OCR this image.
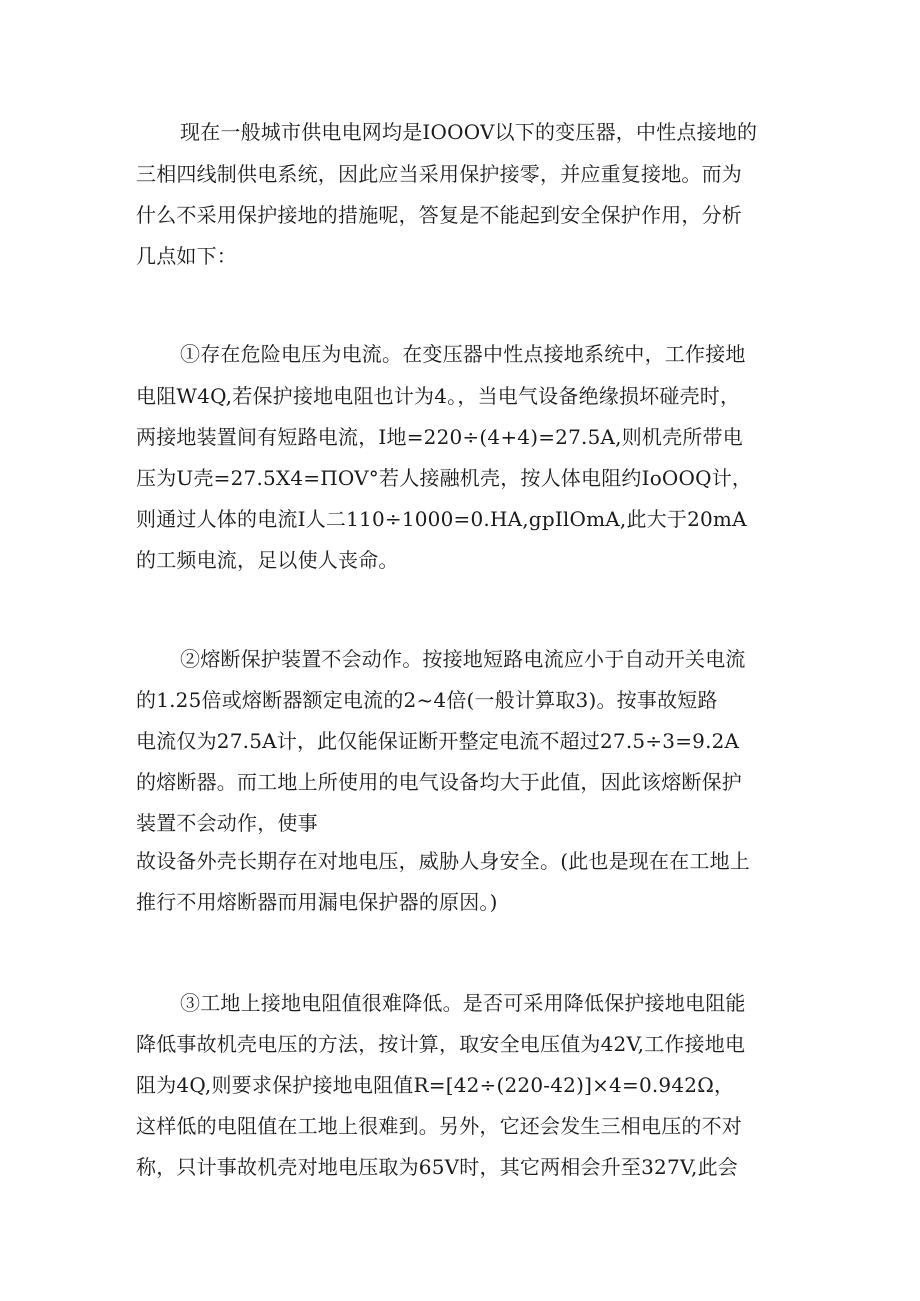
现在一般城市供电电网均是IOOOV以下的变压器，中性点接地的
三相四线制供电系统，因此应当采用保护接零，并应重复接地。而为
什么不采用保护接地的措施呢，答复是不能起到安全保护作用，分析
几点如下：
①存在危险电压为电流。在变压器中性点接地系统中，工作接地
电阻W4Q,若保护接地电阻也计为4。，当电气设备绝缘损坏碰壳时，
两接地装置间有短路电流，I地=220÷(4+4)=27.5A,则机壳所带电
压为U壳=27.5X4=ΠOV°若人接融机壳，按人体电阻约IoOOQ计，
则通过人体的电流I人二110÷1000=0.HA,gpIlOmA,此大于20mA
的工频电流，足以使人丧命。
②熔断保护装置不会动作。按接地短路电流应小于自动开关电流
的1.25倍或熔断器额定电流的2~4倍(一般计算取3)。按事故短路
电流仅为27.5A计，此仅能保证断开整定电流不超过27.5÷3=9.2A
的熔断器。而工地上所使用的电气设备均大于此值，因此该熔断保护
装置不会动作，使事
故设备外壳长期存在对地电压，威胁人身安全。(此也是现在在工地上
推行不用熔断器而用漏电保护器的原因。)
③工地上接地电阻值很难降低。是否可采用降低保护接地电阻能
降低事故机壳电压的方法，按计算，取安全电压值为42V,工作接地电
阻为4Q,则要求保护接地电阻值R=[42÷(220-42)]×4=0.942Ω，
这样低的电阻值在工地上很难到。另外，它还会发生三相电压的不对
称，只计事故机壳对地电压取为65V时，其它两相会升至327V,此会
